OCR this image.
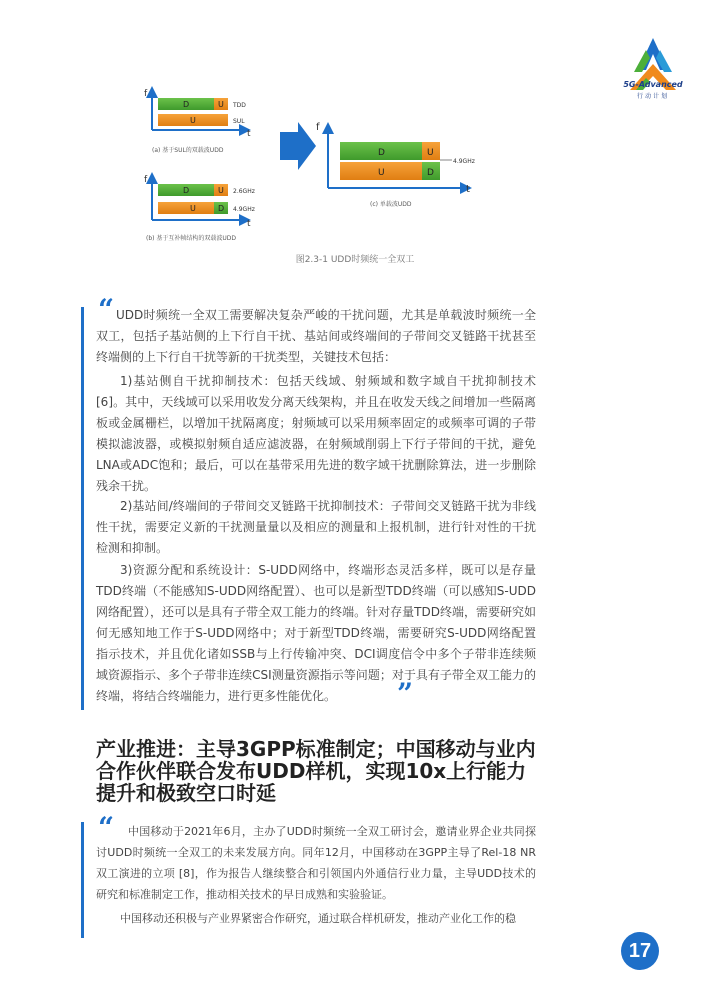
5G-Advanced
行动计划
f
t
D	U
U
TDD
SUL
(a) 基于SUL的双载波UDD
f
t
D	U
U	D
2.6GHz
4.9GHz
(b) 基于互补帧结构的双载波UDD
f
t
D	U
U	D
4.9GHz
(c) 单载波UDD
图2.3-1 UDD时频统一全双工
“ UDD时频统一全双工需要解决复杂严峻的干扰问题，尤其是单载波时频统一全双工，包括子基站侧的上下行自干扰、基站间或终端间的子带间交叉链路干扰甚至终端侧的上下行自干扰等新的干扰类型，关键技术包括：
1)基站侧自干扰抑制技术：包括天线域、射频域和数字域自干扰抑制技术 [6]。其中，天线域可以采用收发分离天线架构，并且在收发天线之间增加一些隔离板或金属栅栏，以增加干扰隔离度；射频域可以采用频率固定的或频率可调的子带模拟滤波器，或模拟射频自适应滤波器，在射频域削弱上下行子带间的干扰，避免LNA或ADC饱和；最后，可以在基带采用先进的数字域干扰删除算法，进一步删除残余干扰。
2)基站间/终端间的子带间交叉链路干扰抑制技术：子带间交叉链路干扰为非线性干扰，需要定义新的干扰测量量以及相应的测量和上报机制，进行针对性的干扰检测和抑制。
3)资源分配和系统设计：S-UDD网络中，终端形态灵活多样，既可以是存量TDD终端（不能感知S-UDD网络配置）、也可以是新型TDD终端（可以感知S-UDD网络配置），还可以是具有子带全双工能力的终端。针对存量TDD终端，需要研究如何无感知地工作于S-UDD网络中；对于新型TDD终端，需要研究S-UDD网络配置指示技术，并且优化诸如SSB与上行传输冲突、DCI调度信令中多个子带非连续频域资源指示、多个子带非连续CSI测量资源指示等问题；对于具有子带全双工能力的终端，将结合终端能力，进行更多性能优化。	”
产业推进：主导3GPP标准制定；中国移动与业内合作伙伴联合发布UDD样机，实现10x上行能力提升和极致空口时延
“	中国移动于2021年6月，主办了UDD时频统一全双工研讨会，邀请业界企业共同探讨UDD时频统一全双工的未来发展方向。同年12月，中国移动在3GPP主导了Rel-18 NR双工演进的立项 [8]，作为报告人继续整合和引领国内外通信行业力量，主导UDD技术的研究和标准制定工作，推动相关技术的早日成熟和实验验证。
中国移动还积极与产业界紧密合作研究，通过联合样机研发，推动产业化工作的稳
17
